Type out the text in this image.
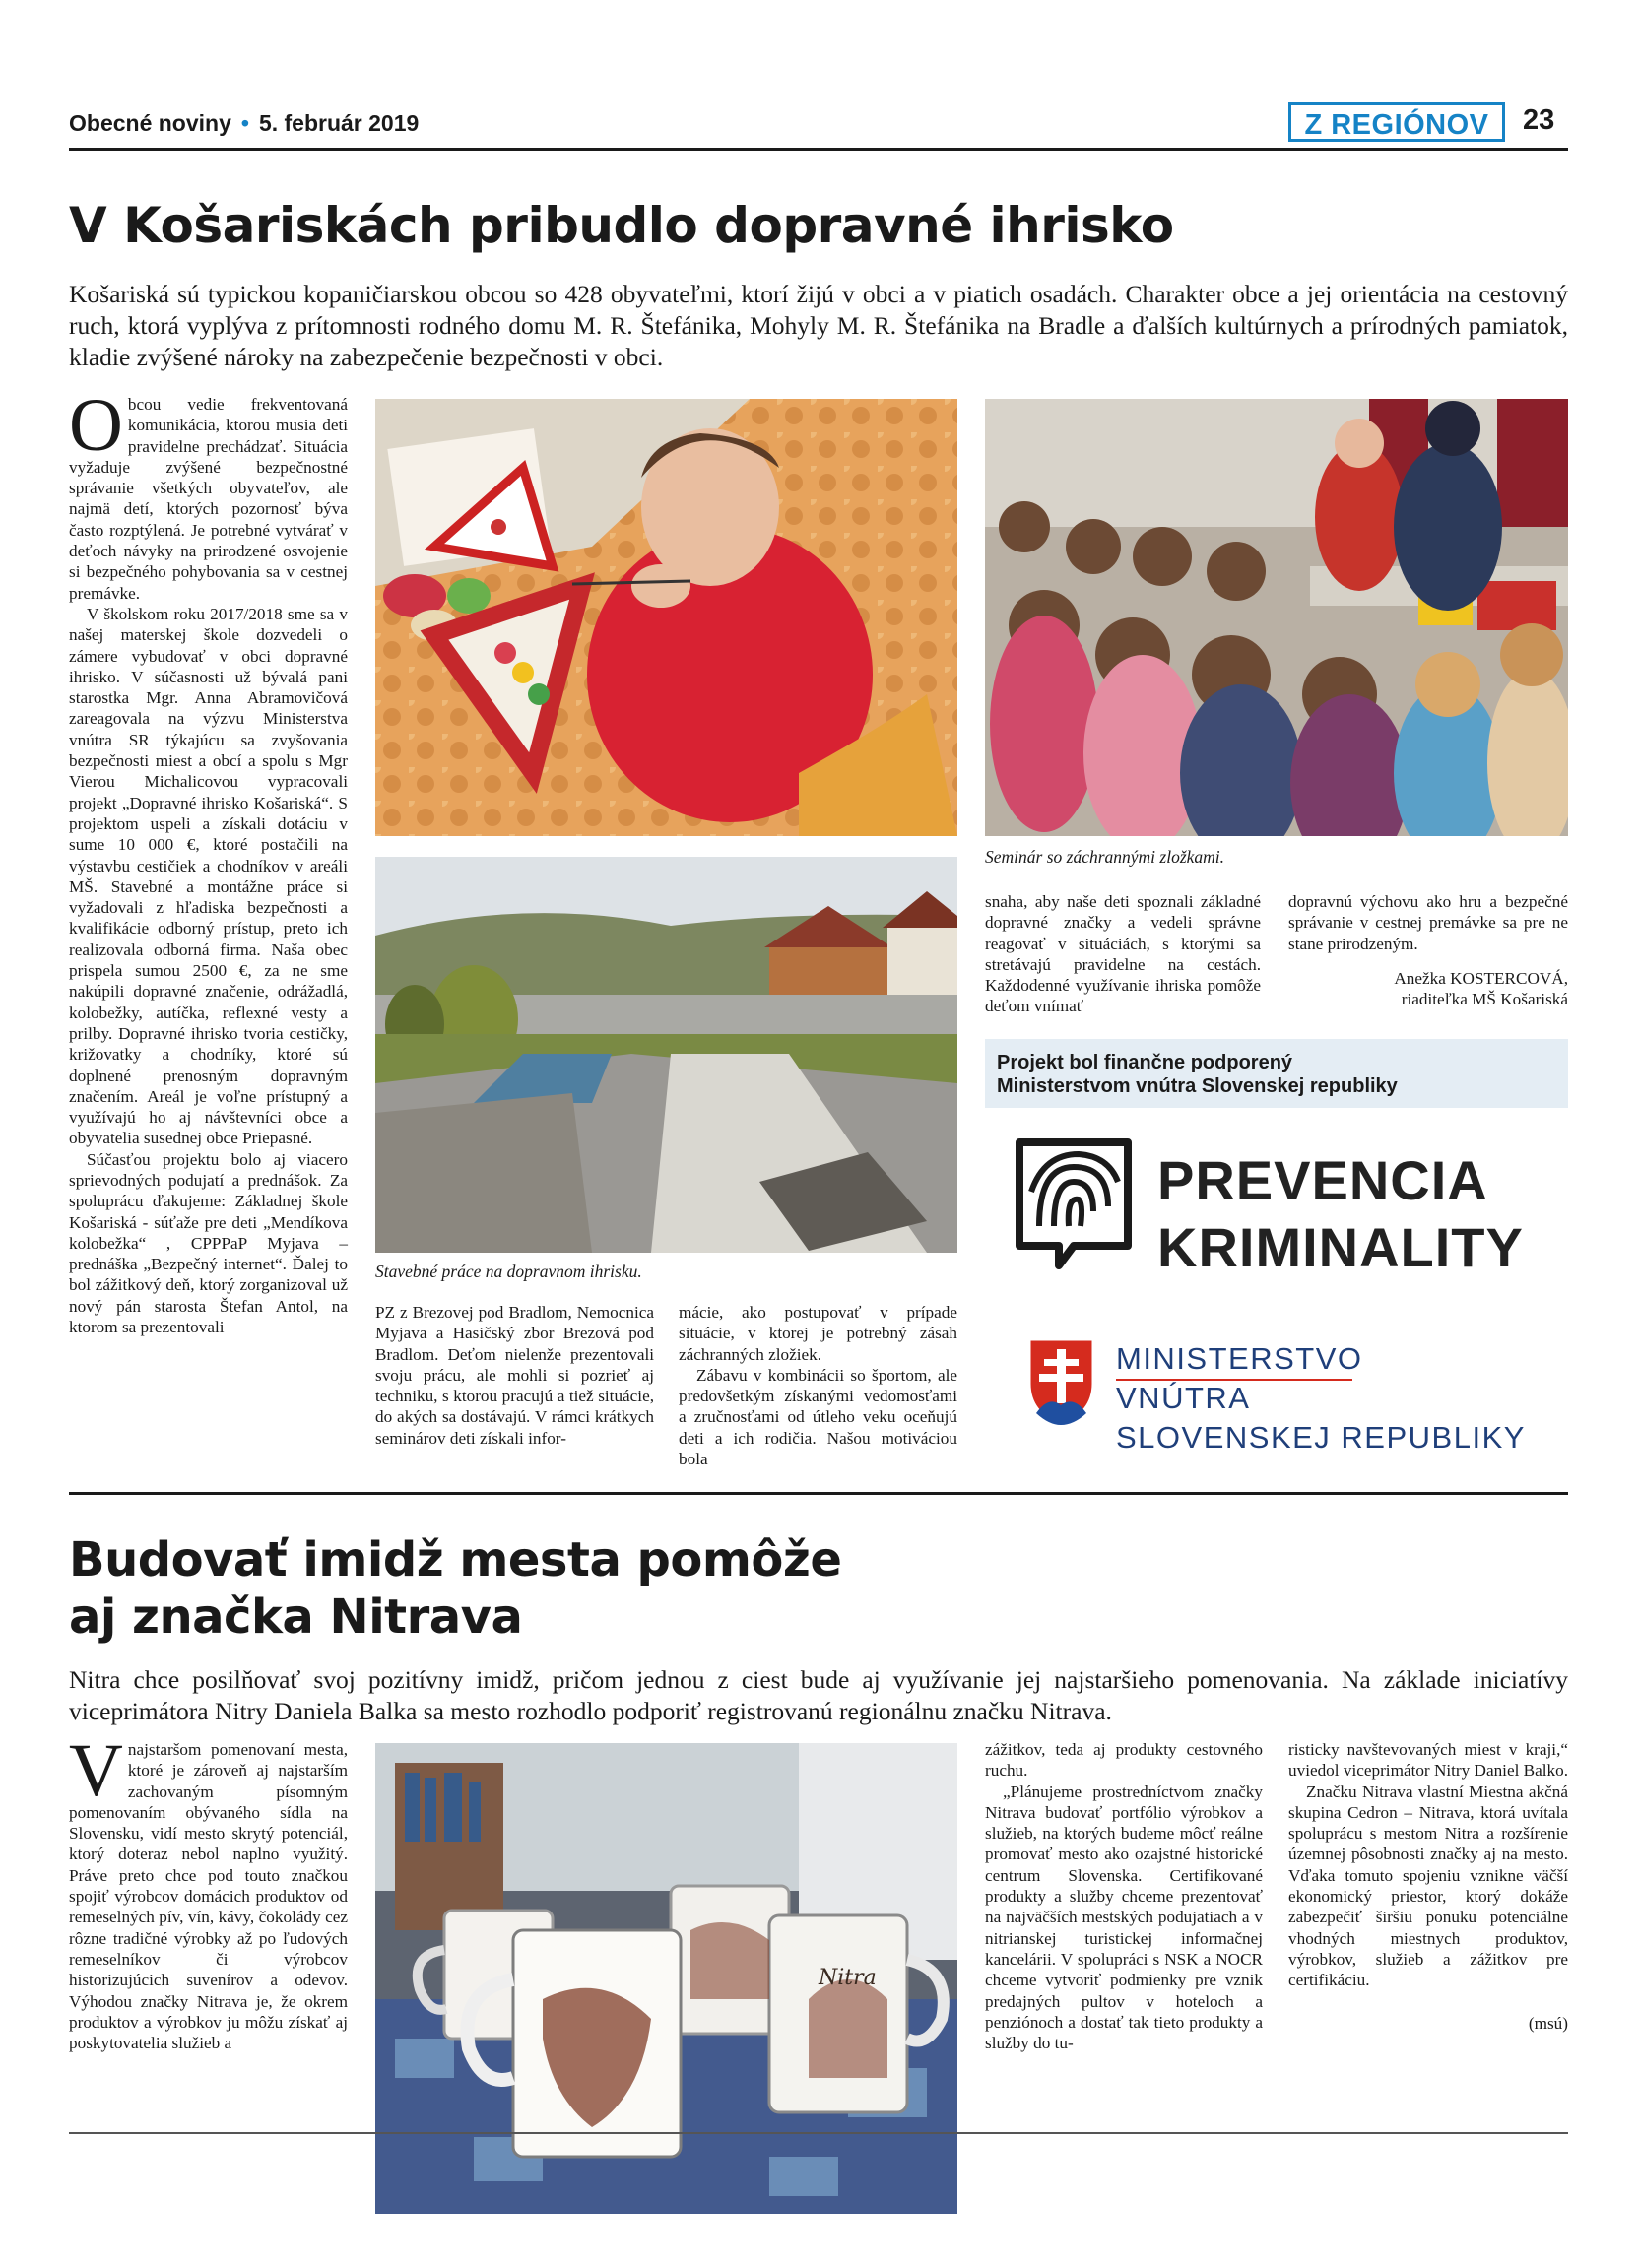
Obecné noviny • 5. február 2019	Z REGIÓNOV	23
V Košariskách pribudlo dopravné ihrisko
Košariská sú typickou kopaničiarskou obcou so 428 obyvateľmi, ktorí žijú v obci a v piatich osadách. Charakter obce a jej orientácia na cestovný ruch, ktorá vyplýva z prítomnosti rodného domu M. R. Štefánika, Mohyly M. R. Štefánika na Bradle a ďalších kultúrnych a prírodných pamiatok, kladie zvýšené nároky na zabezpečenie bezpečnosti v obci.

Obcou vedie frekventovaná komunikácia, ktorou musia deti pravidelne prechádzať. Situácia vyžaduje zvýšené bezpečnostné správanie všetkých obyvateľov, ale najmä detí, ktorých pozornosť býva často rozptýlená. Je potrebné vytvárať v deťoch návyky na prirodzené osvojenie si bezpečného pohybovania sa v cestnej premávke.

V školskom roku 2017/2018 sme sa v našej materskej škole dozvedeli o zámere vybudovať v obci dopravné ihrisko. V súčasnosti už bývalá pani starostka Mgr. Anna Abramovičová zareagovala na výzvu Ministerstva vnútra SR týkajúcu sa zvyšovania bezpečnosti miest a obcí a spolu s Mgr Vierou Michalicovou vypracovali projekt „Dopravné ihrisko Košariská“. S projektom uspeli a získali dotáciu v sume 10 000 €, ktoré postačili na výstavbu cestičiek a chodníkov v areáli MŠ. Stavebné a montážne práce si vyžadovali z hľadiska bezpečnosti a kvalifikácie odborný prístup, preto ich realizovala odborná firma. Naša obec prispela sumou 2500 €, za ne sme nakúpili dopravné značenie, odrážadlá, kolobežky, autíčka, reflexné vesty a prilby. Dopravné ihrisko tvoria cestičky, križovatky a chodníky, ktoré sú doplnené prenosným dopravným značením. Areál je voľne prístupný a využívajú ho aj návštevníci obce a obyvatelia susednej obce Priepasné.

Súčasťou projektu bolo aj viacero sprievodných podujatí a prednášok. Za spoluprácu ďakujeme: Základnej škole Košariská - súťaže pre deti „Mendíkova kolobežka“ , CPPPaP Myjava – prednáška „Bezpečný internet“. Ďalej to bol zážitkový deň, ktorý zorganizoval už nový pán starosta Štefan Antol, na ktorom sa prezentovali

Seminár so záchrannými zložkami.
Stavebné práce na dopravnom ihrisku.

PZ z Brezovej pod Bradlom, Nemocnica Myjava a Hasičský zbor Brezová pod Bradlom. Deťom nielenže prezentovali svoju prácu, ale mohli si pozrieť aj techniku, s ktorou pracujú a tiež situácie, do akých sa dostávajú. V rámci krátkych seminárov deti získali infor-

mácie, ako postupovať v prípade situácie, v ktorej je potrebný zásah záchranných zložiek.

Zábavu v kombinácii so športom, ale predovšetkým získanými vedomosťami a zručnosťami od útleho veku oceňujú deti a ich rodičia. Našou motiváciou bola

snaha, aby naše deti spoznali základné dopravné značky a vedeli správne reagovať v situáciách, s ktorými sa stretávajú pravidelne na cestách. Každodenné využívanie ihriska pomôže deťom vnímať

dopravnú výchovu ako hru a bezpečné správanie v cestnej premávke sa pre ne stane prirodzeným.

Anežka KOSTERCOVÁ,
riaditeľka MŠ Košariská
Projekt bol finančne podporený
Ministerstvom vnútra Slovenskej republiky
PREVENCIA
KRIMINALITY
MINISTERSTVO
VNÚTRA
SLOVENSKEJ REPUBLIKY
Budovať imidž mesta pomôže
aj značka Nitrava
Nitra chce posilňovať svoj pozitívny imidž, pričom jednou z ciest bude aj využívanie jej najstaršieho pomenovania. Na základe iniciatívy viceprimátora Nitry Daniela Balka sa mesto rozhodlo podporiť registrovanú regionálnu značku Nitrava.

Vnajstaršom pomenovaní mesta, ktoré je zároveň aj najstarším zachovaným písomným pomenovaním obývaného sídla na Slovensku, vidí mesto skrytý potenciál, ktorý doteraz nebol naplno využitý. Práve preto chce pod touto značkou spojiť výrobcov domácich produktov od remeselných pív, vín, kávy, čokolády cez rôzne tradičné výrobky až po ľudových remeselníkov či výrobcov historizujúcich suvenírov a odevov. Výhodou značky Nitrava je, že okrem produktov a výrobkov ju môžu získať aj poskytovatelia služieb a

Nitra

zážitkov, teda aj produkty cestovného ruchu.

„Plánujeme prostredníctvom značky Nitrava budovať portfólio výrobkov a služieb, na ktorých budeme môcť reálne promovať mesto ako ozajstné historické centrum Slovenska. Certifikované produkty a služby chceme prezentovať na najväčších mestských podujatiach a v nitrianskej turistickej informačnej kancelárii. V spolupráci s NSK a NOCR chceme vytvoriť podmienky pre vznik predajných pultov v hoteloch a penziónoch a dostať tak tieto produkty a služby do tu-

risticky navštevovaných miest v kraji,“ uviedol viceprimátor Nitry Daniel Balko.

Značku Nitrava vlastní Miestna akčná skupina Cedron – Nitrava, ktorá uvítala spoluprácu s mestom Nitra a rozšírenie územnej pôsobnosti značky aj na mesto. Vďaka tomuto spojeniu vznikne väčší ekonomický priestor, ktorý dokáže zabezpečiť širšiu ponuku potenciálne vhodných miestnych produktov, výrobkov, služieb a zážitkov pre certifikáciu.

(msú)
